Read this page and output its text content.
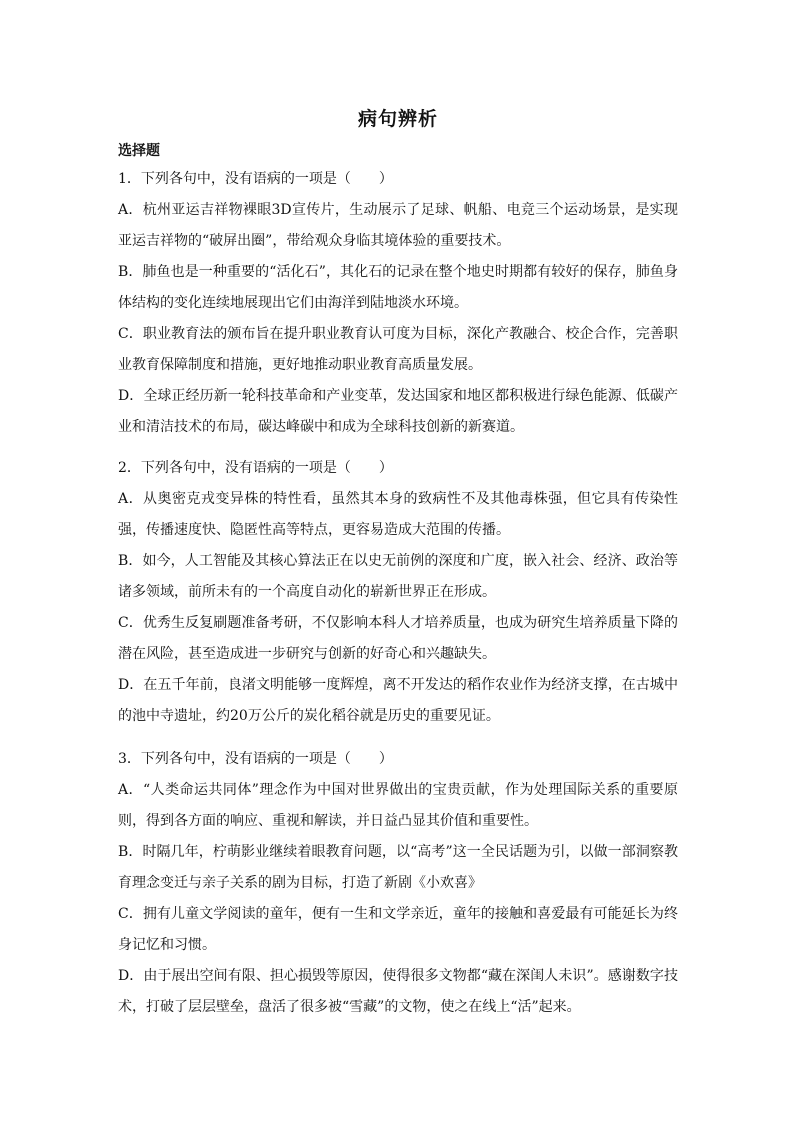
病句辨析
选择题

1．下列各句中，没有语病的一项是（　　）

A．杭州亚运吉祥物裸眼3D宣传片，生动展示了足球、帆船、电竞三个运动场景，是实现亚运吉祥物的“破屏出圈”，带给观众身临其境体验的重要技术。

B．肺鱼也是一种重要的“活化石”，其化石的记录在整个地史时期都有较好的保存，肺鱼身体结构的变化连续地展现出它们由海洋到陆地淡水环境。

C．职业教育法的颁布旨在提升职业教育认可度为目标，深化产教融合、校企合作，完善职业教育保障制度和措施，更好地推动职业教育高质量发展。

D．全球正经历新一轮科技革命和产业变革，发达国家和地区都积极进行绿色能源、低碳产业和清洁技术的布局，碳达峰碳中和成为全球科技创新的新赛道。

2．下列各句中，没有语病的一项是（　　）

A．从奥密克戎变异株的特性看，虽然其本身的致病性不及其他毒株强，但它具有传染性强，传播速度快、隐匿性高等特点，更容易造成大范围的传播。

B．如今，人工智能及其核心算法正在以史无前例的深度和广度，嵌入社会、经济、政治等诸多领域，前所未有的一个高度自动化的崭新世界正在形成。

C．优秀生反复刷题准备考研，不仅影响本科人才培养质量，也成为研究生培养质量下降的潜在风险，甚至造成进一步研究与创新的好奇心和兴趣缺失。

D．在五千年前，良渚文明能够一度辉煌，离不开发达的稻作农业作为经济支撑，在古城中的池中寺遗址，约20万公斤的炭化稻谷就是历史的重要见证。

3．下列各句中，没有语病的一项是（　　）

A．“人类命运共同体”理念作为中国对世界做出的宝贵贡献，作为处理国际关系的重要原则，得到各方面的响应、重视和解读，并日益凸显其价值和重要性。

B．时隔几年，柠萌影业继续着眼教育问题，以“高考”这一全民话题为引，以做一部洞察教育理念变迁与亲子关系的剧为目标，打造了新剧《小欢喜》

C．拥有儿童文学阅读的童年，便有一生和文学亲近，童年的接触和喜爱最有可能延长为终身记忆和习惯。

D．由于展出空间有限、担心损毁等原因，使得很多文物都“藏在深闺人未识”。感谢数字技术，打破了层层壁垒，盘活了很多被“雪藏”的文物，使之在线上“活”起来。
